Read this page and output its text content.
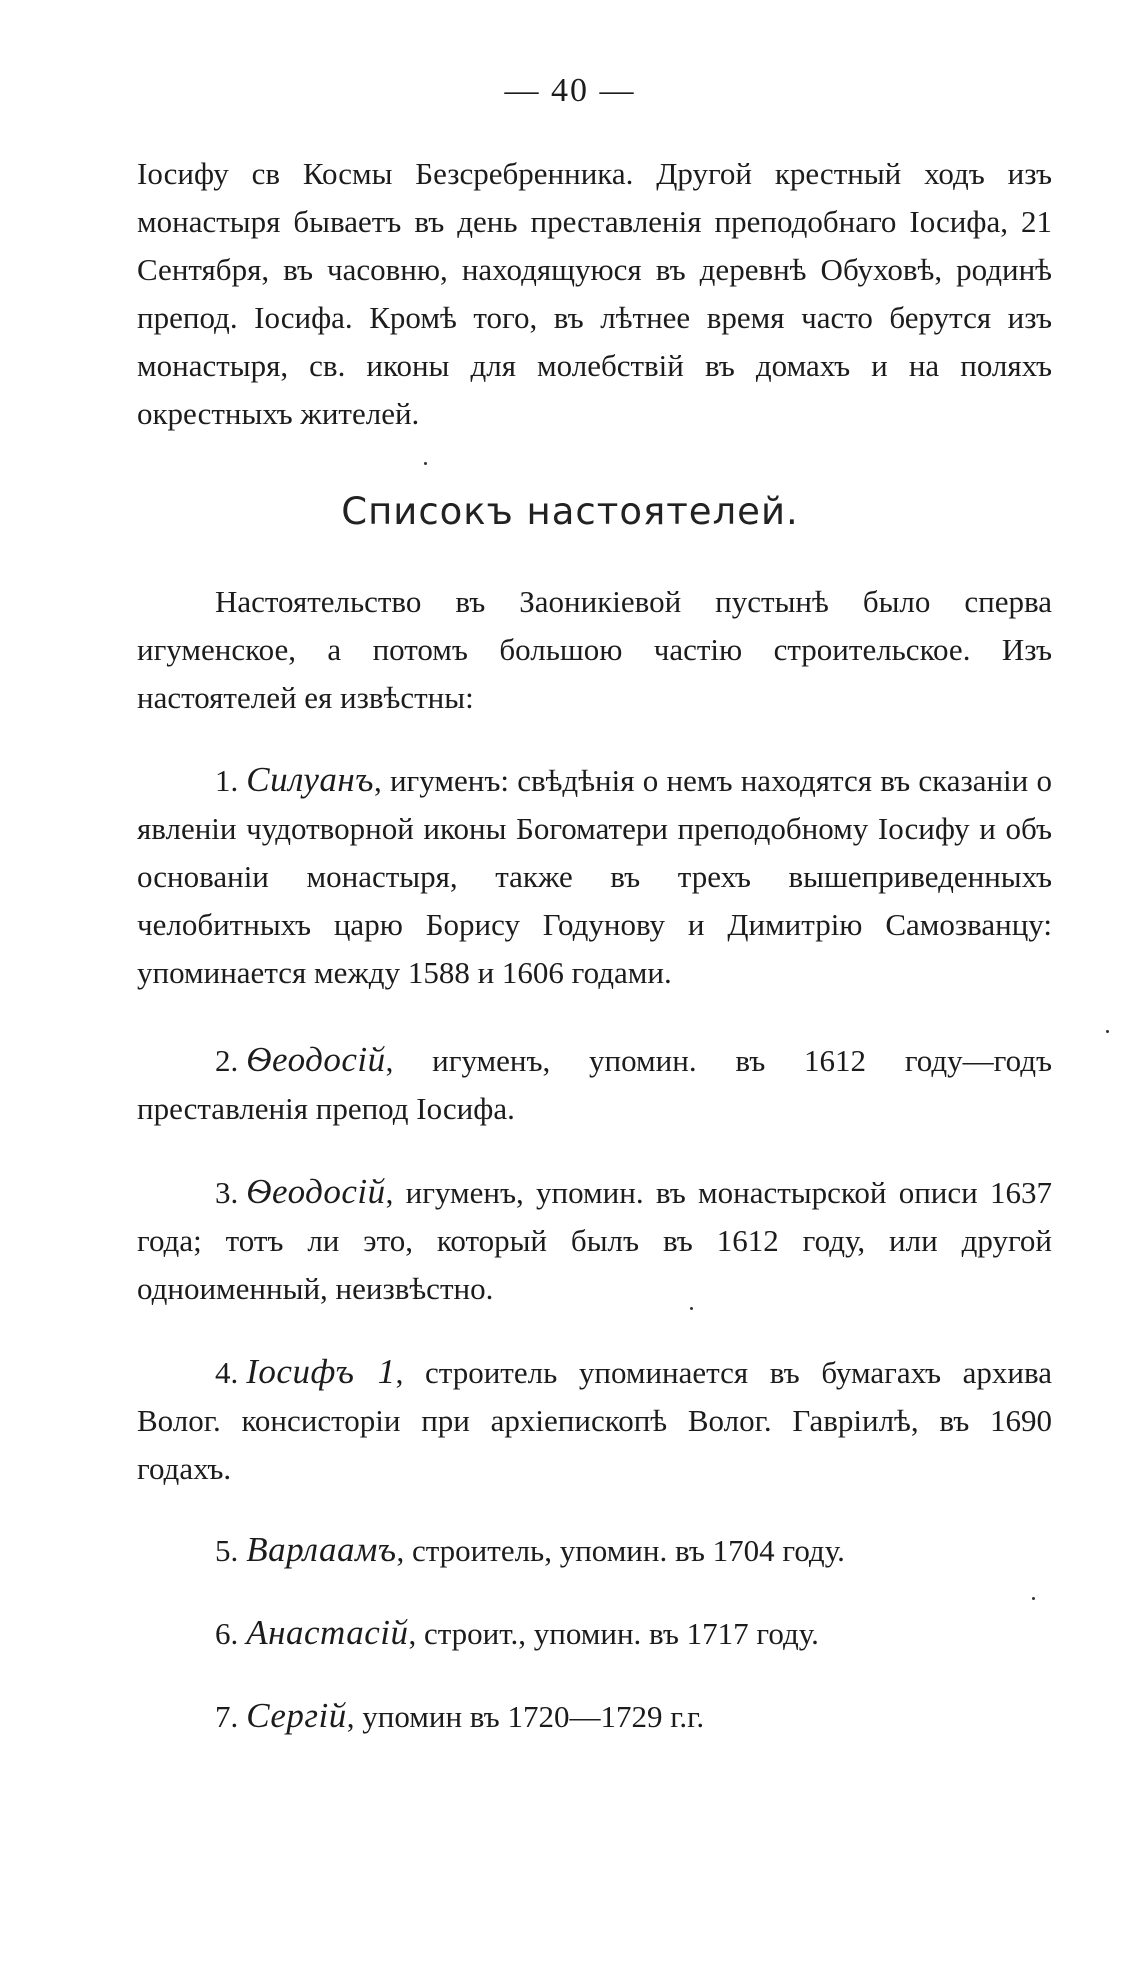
— 40 —

Іосифу св Космы Безсребренника. Другой крестный ходъ изъ монастыря бываетъ въ день преставленія преподобнаго Іосифа, 21 Сентября, въ часовню, находящуюся въ деревнѣ Обуховѣ, родинѣ препод. Іосифа. Кромѣ того, въ лѣтнее время часто берутся изъ монастыря, св. иконы для молебствій въ домахъ и на поляхъ окрестныхъ жителей.

Списокъ настоятелей.

Настоятельство въ Заоникіевой пустынѣ было сперва игуменское, а потомъ большою частію строительское. Изъ настоятелей ея извѣстны:

1. Силуанъ, игуменъ: свѣдѣнія о немъ находятся въ сказаніи о явленіи чудотворной иконы Богоматери преподобному Іосифу и объ основаніи монастыря, также въ трехъ вышеприведенныхъ челобитныхъ царю Борису Годунову и Димитрію Самозванцу: упоминается между 1588 и 1606 годами.

2. Ѳеодосій, игуменъ, упомин. въ 1612 году—годъ преставленія препод Іосифа.

3. Ѳеодосій, игуменъ, упомин. въ монастырской описи 1637 года; тотъ ли это, который былъ въ 1612 году, или другой одноименный, неизвѣстно.

4. Іосифъ 1, строитель упоминается въ бумагахъ архива Волог. консисторіи при архіепископѣ Волог. Гавріилѣ, въ 1690 годахъ.

5. Варлаамъ, строитель, упомин. въ 1704 году.

6. Анастасій, строит., упомин. въ 1717 году.

7. Сергій, упомин въ 1720—1729 г.г.
